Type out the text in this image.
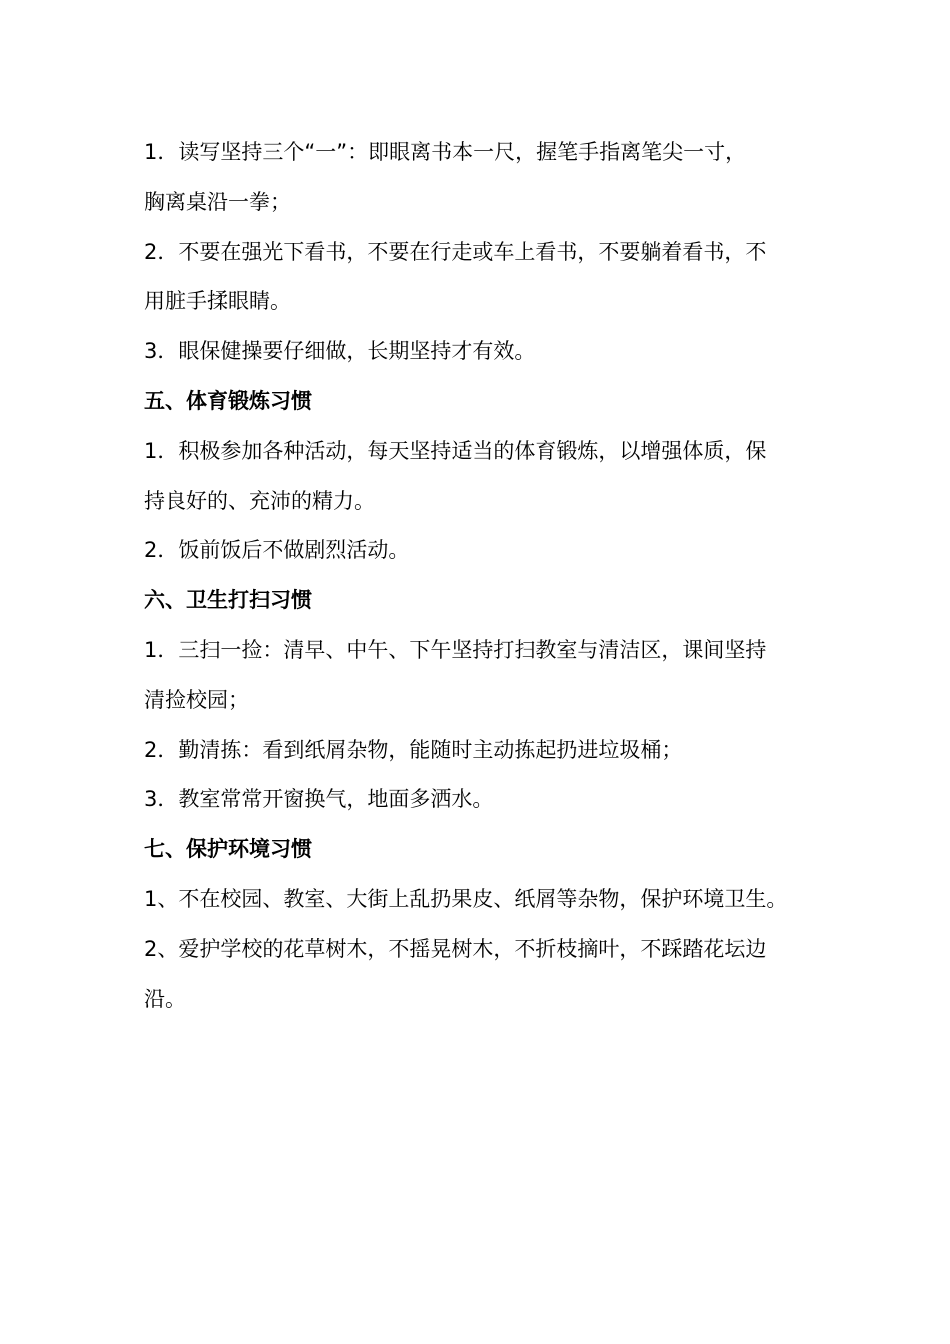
1．读写坚持三个“一”：即眼离书本一尺，握笔手指离笔尖一寸，
胸离桌沿一拳；
2．不要在强光下看书，不要在行走或车上看书，不要躺着看书，不
用脏手揉眼睛。
3．眼保健操要仔细做，长期坚持才有效。
五、体育锻炼习惯
1．积极参加各种活动，每天坚持适当的体育锻炼，以增强体质，保
持良好的、充沛的精力。
2．饭前饭后不做剧烈活动。
六、卫生打扫习惯
1．三扫一捡：清早、中午、下午坚持打扫教室与清洁区，课间坚持
清捡校园；
2．勤清拣：看到纸屑杂物，能随时主动拣起扔进垃圾桶；
3．教室常常开窗换气，地面多洒水。
七、保护环境习惯
1、不在校园、教室、大街上乱扔果皮、纸屑等杂物，保护环境卫生。
2、爱护学校的花草树木，不摇晃树木，不折枝摘叶，不踩踏花坛边
沿。
